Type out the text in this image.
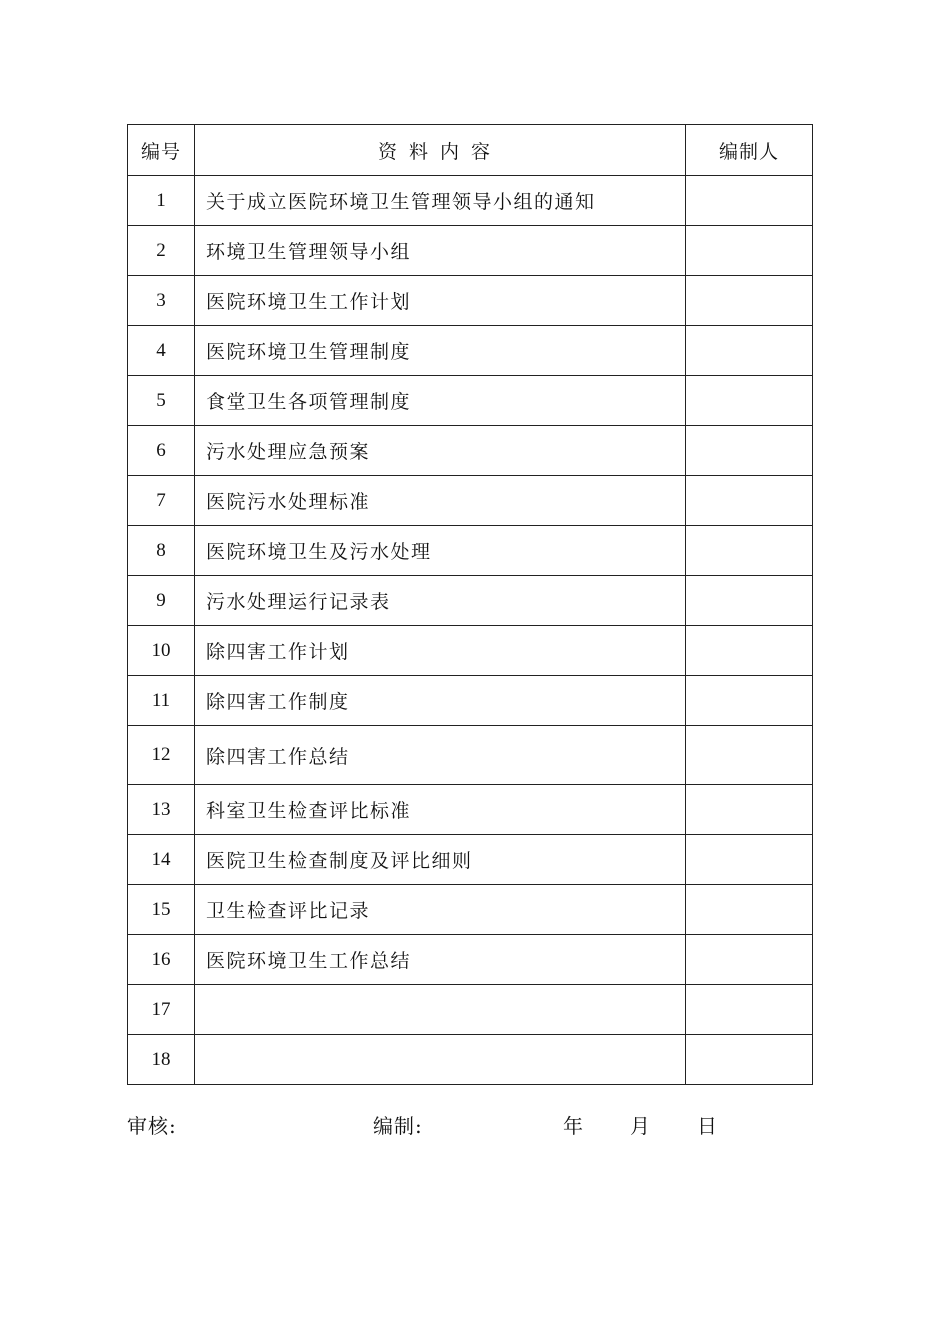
编号	资料内容	编制人
1	关于成立医院环境卫生管理领导小组的通知	
2	环境卫生管理领导小组	
3	医院环境卫生工作计划	
4	医院环境卫生管理制度	
5	食堂卫生各项管理制度	
6	污水处理应急预案	
7	医院污水处理标准	
8	医院环境卫生及污水处理	
9	污水处理运行记录表	
10	除四害工作计划	
11	除四害工作制度	
12	除四害工作总结	
13	科室卫生检查评比标准	
14	医院卫生检查制度及评比细则	
15	卫生检查评比记录	
16	医院环境卫生工作总结	
17		
18		
审核:	编制:	年 月 日
